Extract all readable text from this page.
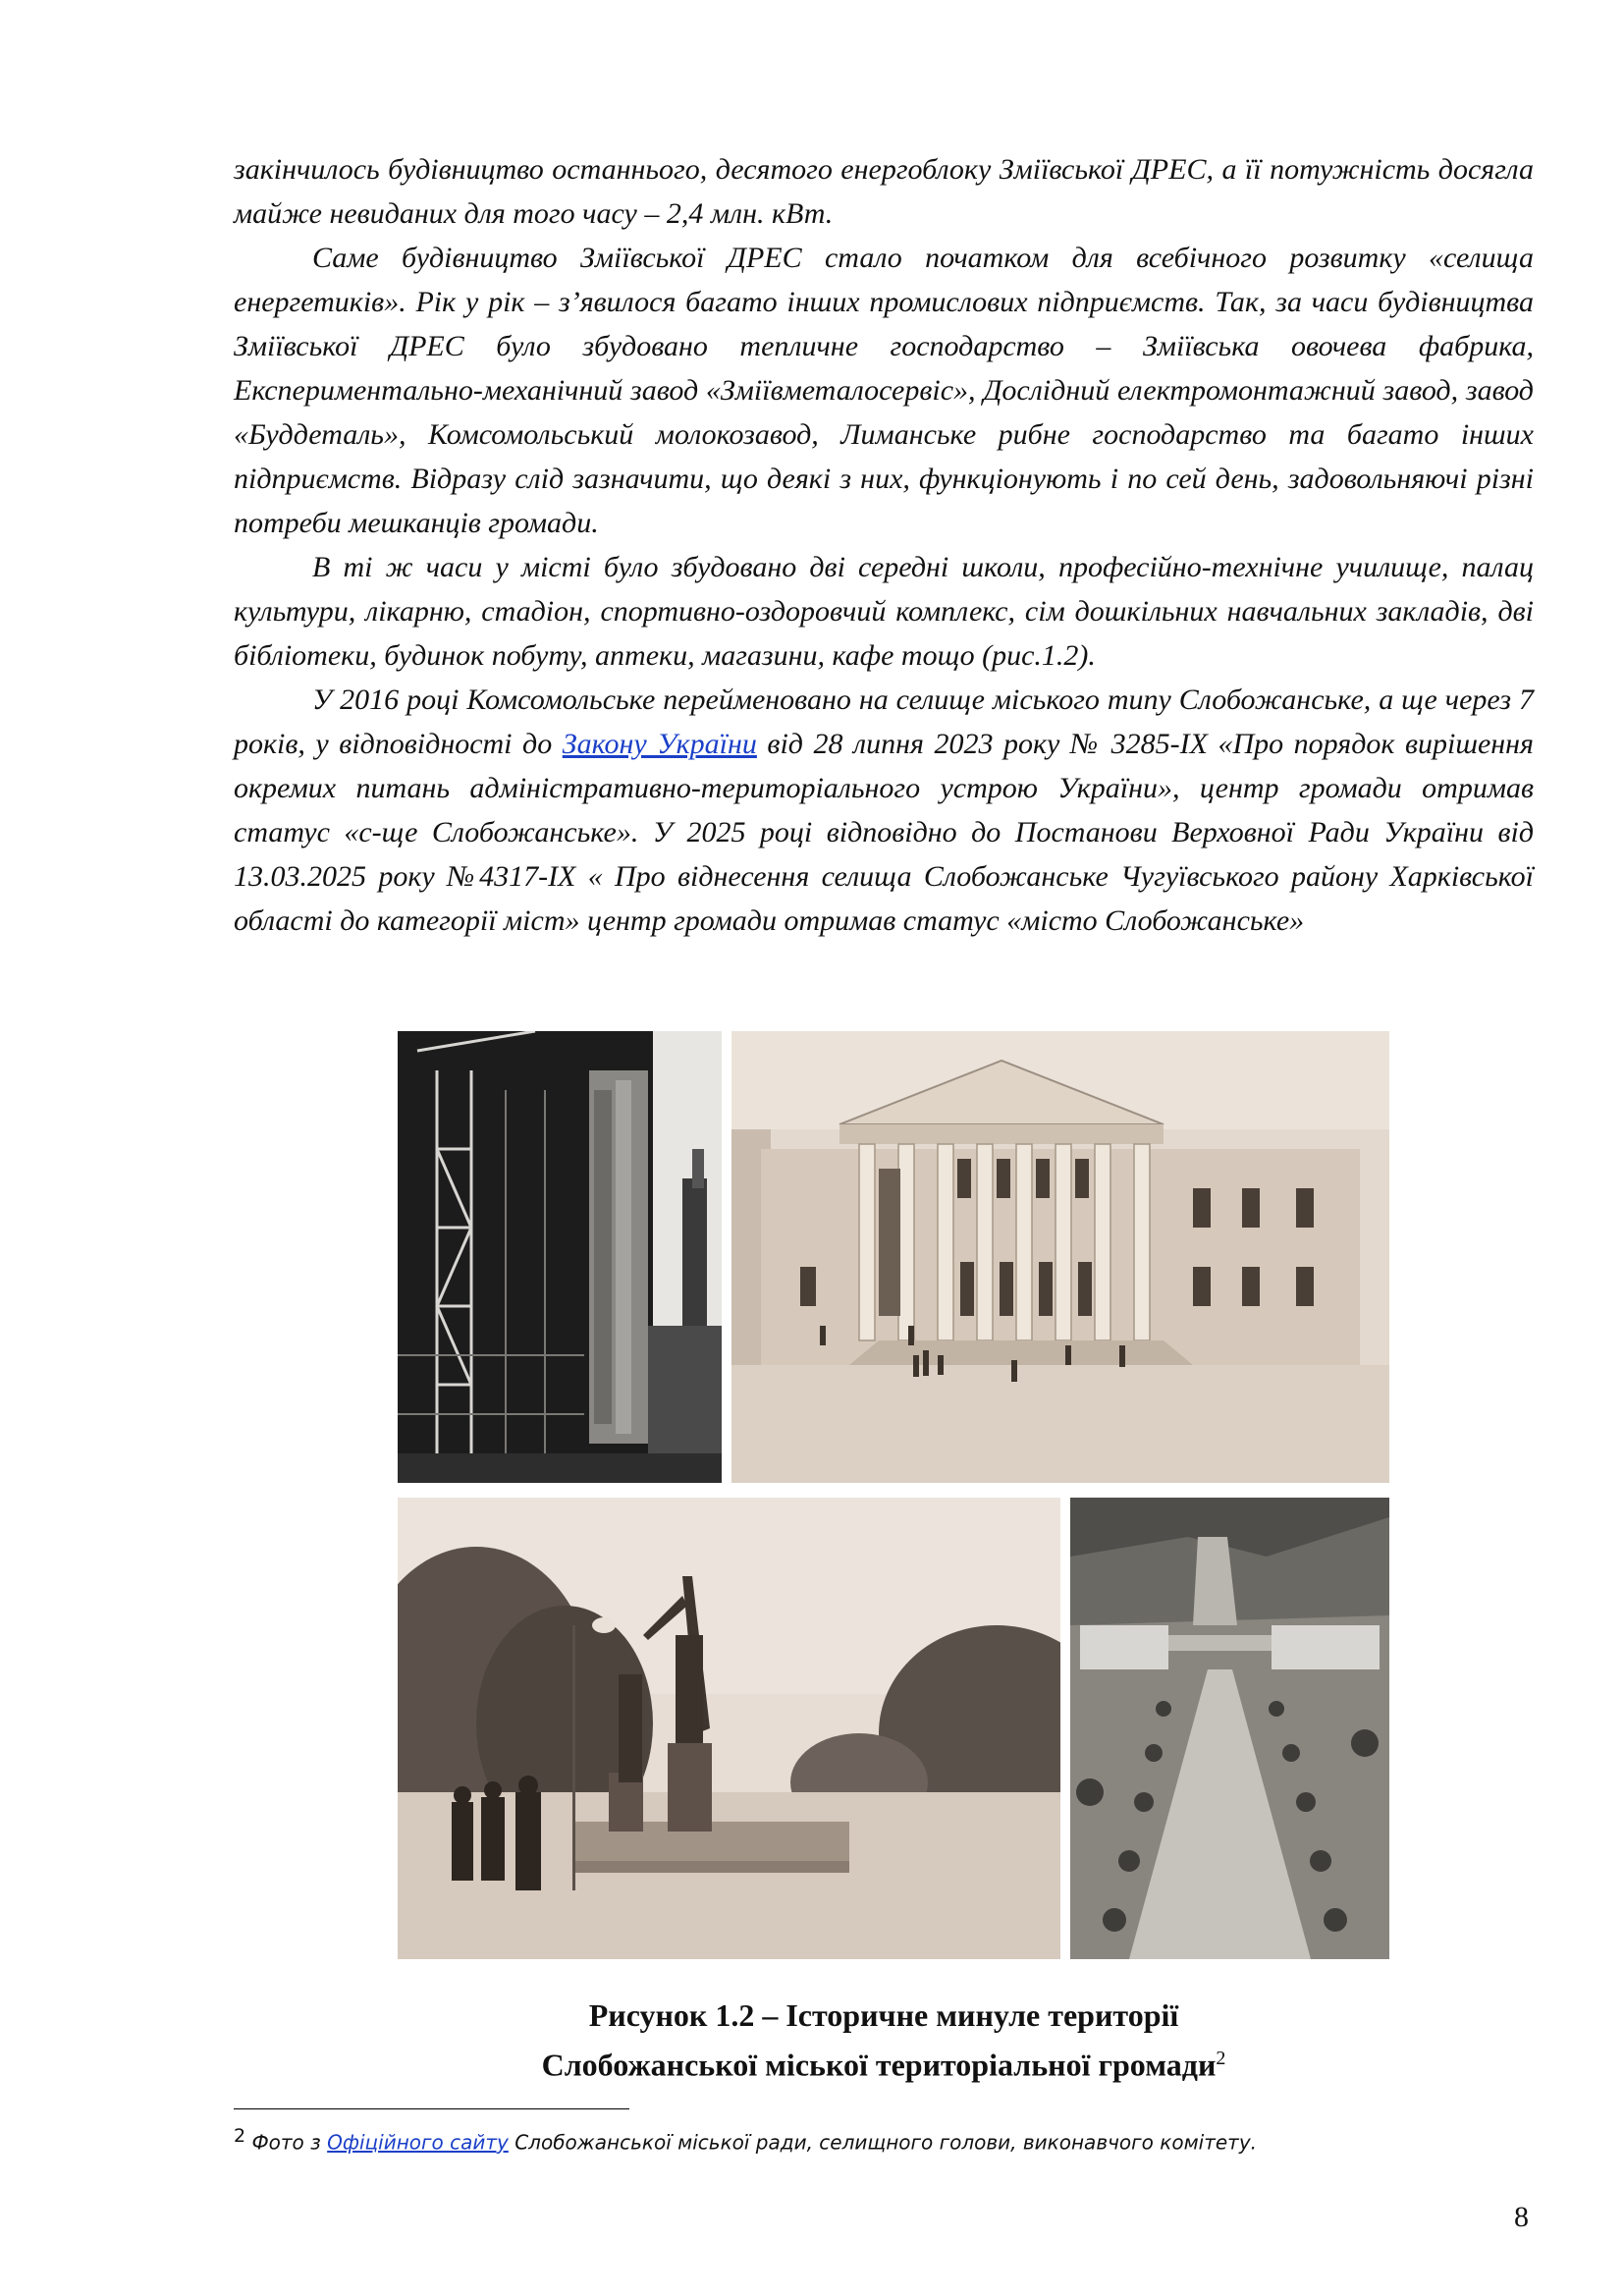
закінчилось будівництво останнього, десятого енергоблоку Зміївської ДРЕС, а її потужність досягла майже невиданих для того часу – 2,4 млн. кВт.

Саме будівництво Зміївської ДРЕС стало початком для всебічного розвитку «селища енергетиків». Рік у рік – з’явилося багато інших промислових підприємств. Так, за часи будівництва Зміївської ДРЕС було збудовано тепличне господарство – Зміївська овочева фабрика, Експериментально-механічний завод «Зміївметалосервіс», Дослідний електромонтажний завод, завод «Буддеталь», Комсомольський молокозавод, Лиманське рибне господарство та багато інших підприємств. Відразу слід зазначити, що деякі з них, функціонують і по сей день, задовольняючі різні потреби мешканців громади.

В ті ж часи у місті було збудовано дві середні школи, професійно-технічне училище, палац культури, лікарню, стадіон, спортивно-оздоровчий комплекс, сім дошкільних навчальних закладів, дві бібліотеки, будинок побуту, аптеки, магазини, кафе тощо (рис.1.2).

У 2016 році Комсомольське перейменовано на селище міського типу Слобожанське, а ще через 7 років, у відповідності до Закону України від 28 липня 2023 року № 3285-IX «Про порядок вирішення окремих питань адміністративно-територіального устрою України», центр громади отримав статус «с-ще Слобожанське». У 2025 році відповідно до Постанови Верховної Ради України від 13.03.2025 року №4317-IX « Про віднесення селища Слобожанське Чугуївського району Харківської області до категорії міст» центр громади отримав статус «місто Слобожанське»

Рисунок 1.2 – Історичне минуле території
Слобожанської міської територіальної громади$^2$
$^2$ Фото з Офіційного сайту Слобожанської міської ради, селищного голови, виконавчого комітету.
8
